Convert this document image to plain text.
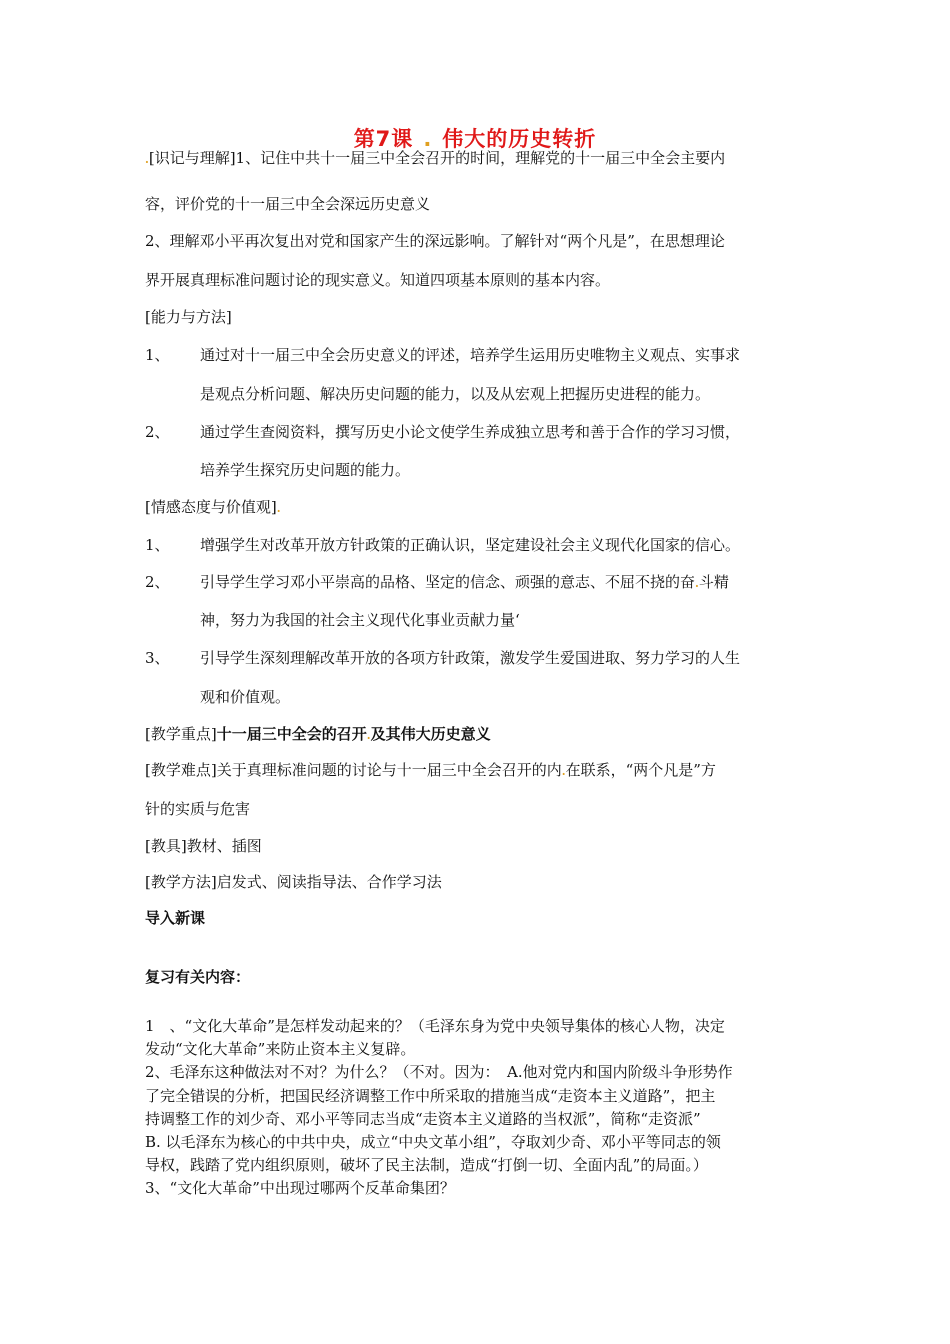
第7课 . 伟大的历史转折
.[识记与理解]1、记住中共十一届三中全会召开的时间，理解党的十一届三中全会主要内
容，评价党的十一届三中全会深远历史意义
2、理解邓小平再次复出对党和国家产生的深远影响。了解针对“两个凡是”，在思想理论
界开展真理标准问题讨论的现实意义。知道四项基本原则的基本内容。
[能力与方法]
1、 通过对十一届三中全会历史意义的评述，培养学生运用历史唯物主义观点、实事求
是观点分析问题、解决历史问题的能力，以及从宏观上把握历史进程的能力。
2、 通过学生查阅资料，撰写历史小论文使学生养成独立思考和善于合作的学习习惯，
培养学生探究历史问题的能力。
[情感态度与价值观].
1、 增强学生对改革开放方针政策的正确认识，坚定建设社会主义现代化国家的信心。
2、 引导学生学习邓小平崇高的品格、坚定的信念、顽强的意志、不屈不挠的奋.斗精
神，努力为我国的社会主义现代化事业贡献力量‘
3、 引导学生深刻理解改革开放的各项方针政策，激发学生爱国进取、努力学习的人生
观和价值观。
[教学重点]十一届三中全会的召开.及其伟大历史意义
[教学难点]关于真理标准问题的讨论与十一届三中全会召开的内.在联系，“两个凡是”方
针的实质与危害
[教具]教材、插图
[教学方法]启发式、阅读指导法、合作学习法
导入新课
复习有关内容：
1　、“文化大革命”是怎样发动起来的？（毛泽东身为党中央领导集体的核心人物，决定
发动“文化大革命”来防止资本主义复辟。
2、毛泽东这种做法对不对？为什么？（不对。因为：　A.他对党内和国内阶级斗争形势作
了完全错误的分析，把国民经济调整工作中所采取的措施当成“走资本主义道路”，把主
持调整工作的刘少奇、邓小平等同志当成“走资本主义道路的当权派”，简称“走资派”
B. 以毛泽东为核心的中共中央，成立“中央文革小组”，夺取刘少奇、邓小平等同志的领
导权，践踏了党内组织原则，破坏了民主法制，造成“打倒一切、全面内乱”的局面。）
3、“文化大革命”中出现过哪两个反革命集团？
